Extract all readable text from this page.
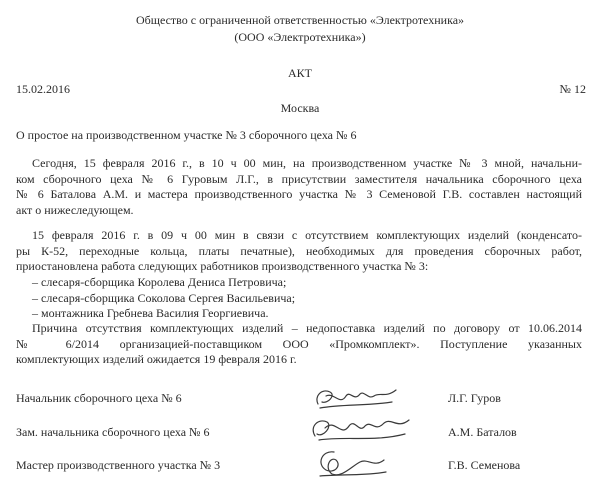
Общество с ограниченной ответственностью «Электротехника»
(ООО «Электротехника»)
АКТ
15.02.2016	№ 12
Москва
О простое на производственном участке № 3 сборочного цеха № 6
Сегодня, 15 февраля 2016 г., в 10 ч 00 мин, на производственном участке № 3 мной, начальни-
ком сборочного цеха № 6 Гуровым Л.Г., в присутствии заместителя начальника сборочного цеха
№ 6 Баталова А.М. и мастера производственного участка № 3 Семеновой Г.В. составлен настоящий
акт о нижеследующем.
15 февраля 2016 г. в 09 ч 00 мин в связи с отсутствием комплектующих изделий (конденсато-
ры К-52, переходные кольца, платы печатные), необходимых для проведения сборочных работ,
приостановлена работа следующих работников производственного участка № 3:
– слесаря-сборщика Королева Дениса Петровича;
– слесаря-сборщика Соколова Сергея Васильевича;
– монтажника Гребнева Василия Георгиевича.
Причина отсутствия комплектующих изделий – недопоставка изделий по договору от 10.06.2014
№ 6/2014 организацией-поставщиком ООО «Промкомплект». Поступление указанных
комплектующих изделий ожидается 19 февраля 2016 г.
Начальник сборочного цеха № 6	Л.Г. Гуров
Зам. начальника сборочного цеха № 6	А.М. Баталов
Мастер производственного участка № 3	Г.В. Семенова
